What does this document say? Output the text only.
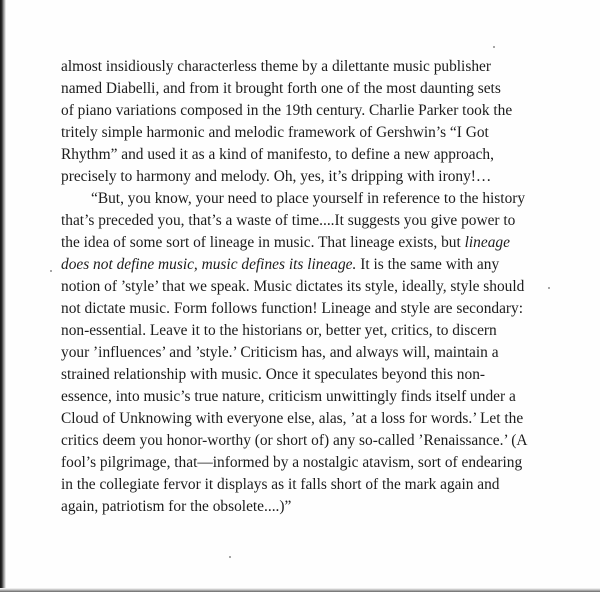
almost insidiously characterless theme by a dilettante music publisher
named Diabelli, and from it brought forth one of the most daunting sets
of piano variations composed in the 19th century. Charlie Parker took the
tritely simple harmonic and melodic framework of Gershwin’s “I Got
Rhythm” and used it as a kind of manifesto, to define a new approach,
precisely to harmony and melody. Oh, yes, it’s dripping with irony!…
“But, you know, your need to place yourself in reference to the history
that’s preceded you, that’s a waste of time....It suggests you give power to
the idea of some sort of lineage in music. That lineage exists, but lineage
does not define music, music defines its lineage. It is the same with any
notion of ’style’ that we speak. Music dictates its style, ideally, style should
not dictate music. Form follows function! Lineage and style are secondary:
non-essential. Leave it to the historians or, better yet, critics, to discern
your ’influences’ and ’style.’ Criticism has, and always will, maintain a
strained relationship with music. Once it speculates beyond this non-
essence, into music’s true nature, criticism unwittingly finds itself under a
Cloud of Unknowing with everyone else, alas, ’at a loss for words.’ Let the
critics deem you honor-worthy (or short of) any so-called ’Renaissance.’ (A
fool’s pilgrimage, that—informed by a nostalgic atavism, sort of endearing
in the collegiate fervor it displays as it falls short of the mark again and
again, patriotism for the obsolete....)”
